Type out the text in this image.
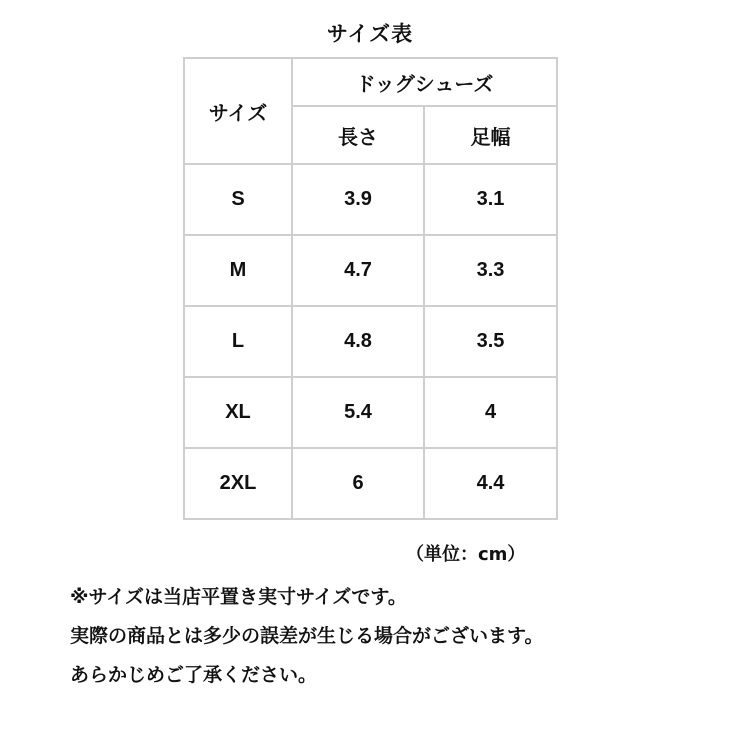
サイズ表
サイズ	ドッグシューズ	
	長さ	足幅
S	3.9	3.1
M	4.7	3.3
L	4.8	3.5
XL	5.4	4
2XL	6	4.4
（単位：cm）
※サイズは当店平置き実寸サイズです。
実際の商品とは多少の誤差が生じる場合がございます。
あらかじめご了承ください。
